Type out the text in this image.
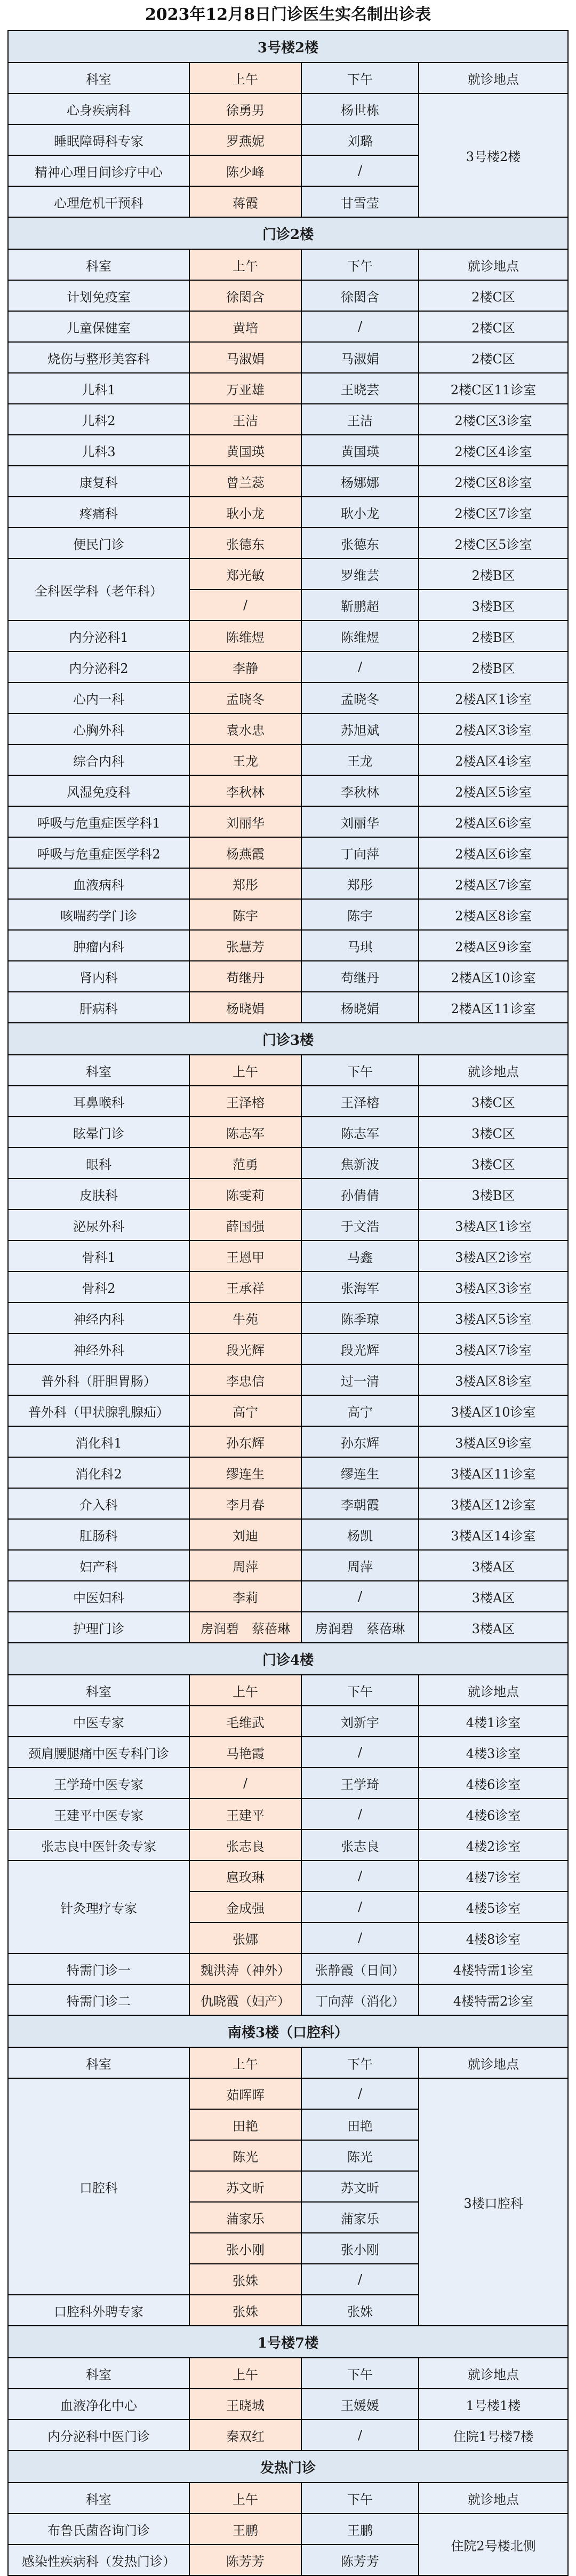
2023年12月8日门诊医生实名制出诊表
3号楼2楼			
科室	上午	下午	就诊地点
心身疾病科	徐勇男	杨世栋	3号楼2楼
睡眠障碍科专家	罗燕妮	刘璐	
精神心理日间诊疗中心	陈少峰	/	
心理危机干预科	蒋霞	甘雪莹	
门诊2楼			
科室	上午	下午	就诊地点
计划免疫室	徐閎含	徐閎含	2楼C区
儿童保健室	黄培	/	2楼C区
烧伤与整形美容科	马淑娟	马淑娟	2楼C区
儿科1	万亚雄	王晓芸	2楼C区11诊室
儿科2	王洁	王洁	2楼C区3诊室
儿科3	黄国瑛	黄国瑛	2楼C区4诊室
康复科	曾兰蕊	杨娜娜	2楼C区8诊室
疼痛科	耿小龙	耿小龙	2楼C区7诊室
便民门诊	张德东	张德东	2楼C区5诊室
全科医学科（老年科）	郑光敏	罗维芸	2楼B区
	/	靳鹏超	3楼B区
内分泌科1	陈维煜	陈维煜	2楼B区
内分泌科2	李静	/	2楼B区
心内一科	孟晓冬	孟晓冬	2楼A区1诊室
心胸外科	袁水忠	苏旭斌	2楼A区3诊室
综合内科	王龙	王龙	2楼A区4诊室
风湿免疫科	李秋林	李秋林	2楼A区5诊室
呼吸与危重症医学科1	刘丽华	刘丽华	2楼A区6诊室
呼吸与危重症医学科2	杨燕霞	丁向萍	2楼A区6诊室
血液病科	郑彤	郑彤	2楼A区7诊室
咳喘药学门诊	陈宇	陈宇	2楼A区8诊室
肿瘤内科	张慧芳	马琪	2楼A区9诊室
肾内科	苟继丹	苟继丹	2楼A区10诊室
肝病科	杨晓娟	杨晓娟	2楼A区11诊室
门诊3楼			
科室	上午	下午	就诊地点
耳鼻喉科	王泽榕	王泽榕	3楼C区
眩晕门诊	陈志军	陈志军	3楼C区
眼科	范勇	焦新波	3楼C区
皮肤科	陈雯莉	孙倩倩	3楼B区
泌尿外科	薛国强	于文浩	3楼A区1诊室
骨科1	王恩甲	马鑫	3楼A区2诊室
骨科2	王承祥	张海军	3楼A区3诊室
神经内科	牛苑	陈季琼	3楼A区5诊室
神经外科	段光辉	段光辉	3楼A区7诊室
普外科（肝胆胃肠）	李忠信	过一清	3楼A区8诊室
普外科（甲状腺乳腺疝）	高宁	高宁	3楼A区10诊室
消化科1	孙东辉	孙东辉	3楼A区9诊室
消化科2	缪连生	缪连生	3楼A区11诊室
介入科	李月春	李朝霞	3楼A区12诊室
肛肠科	刘迪	杨凯	3楼A区14诊室
妇产科	周萍	周萍	3楼A区
中医妇科	李莉	/	3楼A区
护理门诊	房润碧　蔡蓓琳	房润碧　蔡蓓琳	3楼A区
门诊4楼			
科室	上午	下午	就诊地点
中医专家	毛维武	刘新宇	4楼1诊室
颈肩腰腿痛中医专科门诊	马艳霞	/	4楼3诊室
王学琦中医专家	/	王学琦	4楼6诊室
王建平中医专家	王建平	/	4楼6诊室
张志良中医针灸专家	张志良	张志良	4楼2诊室
针灸理疗专家	扈玫琳	/	4楼7诊室
	金成强	/	4楼5诊室
	张娜	/	4楼8诊室
特需门诊一	魏洪涛（神外）	张静霞（日间）	4楼特需1诊室
特需门诊二	仇晓霞（妇产）	丁向萍（消化）	4楼特需2诊室
南楼3楼（口腔科）			
科室	上午	下午	就诊地点
口腔科	茹晖晖	/	3楼口腔科
	田艳	田艳	
	陈光	陈光	
	苏文昕	苏文昕	
	蒲家乐	蒲家乐	
	张小刚	张小刚	
	张姝	/	
口腔科外聘专家	张姝	张姝	
1号楼7楼			
科室	上午	下午	就诊地点
血液净化中心	王晓城	王媛媛	1号楼1楼
内分泌科中医门诊	秦双红	/	住院1号楼7楼
发热门诊			
科室	上午	下午	就诊地点
布鲁氏菌咨询门诊	王鹏	王鹏	住院2号楼北侧
感染性疾病科（发热门诊）	陈芳芳	陈芳芳	
